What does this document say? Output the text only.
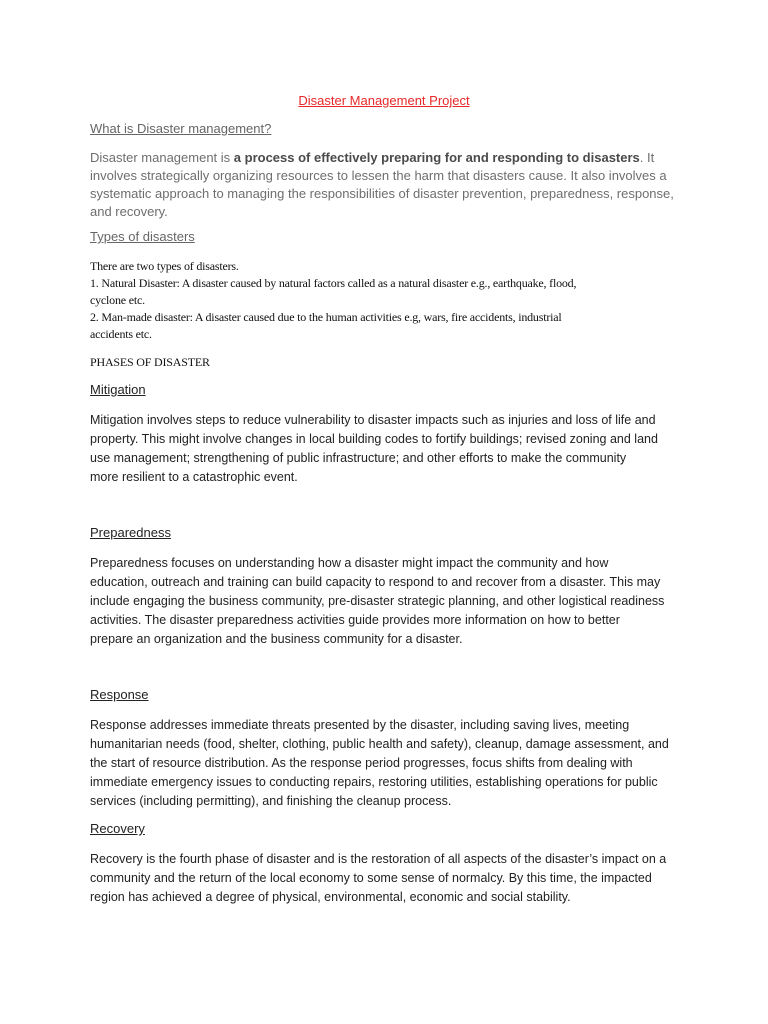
Disaster Management Project
What is Disaster management?

Disaster management is a process of effectively preparing for and responding to disasters. It involves strategically organizing resources to lessen the harm that disasters cause. It also involves a systematic approach to managing the responsibilities of disaster prevention, preparedness, response, and recovery.

Types of disasters
There are two types of disasters.
1. Natural Disaster: A disaster caused by natural factors called as a natural disaster e.g., earthquake, flood,
cyclone etc.
2. Man-made disaster: A disaster caused due to the human activities e.g, wars, fire accidents, industrial
accidents etc.
PHASES OF DISASTER
Mitigation
Mitigation involves steps to reduce vulnerability to disaster impacts such as injuries and loss of life and
property. This might involve changes in local building codes to fortify buildings; revised zoning and land
use management; strengthening of public infrastructure; and other efforts to make the community
more resilient to a catastrophic event.
Preparedness
Preparedness focuses on understanding how a disaster might impact the community and how
education, outreach and training can build capacity to respond to and recover from a disaster. This may
include engaging the business community, pre-disaster strategic planning, and other logistical readiness
activities. The disaster preparedness activities guide provides more information on how to better
prepare an organization and the business community for a disaster.
Response
Response addresses immediate threats presented by the disaster, including saving lives, meeting
humanitarian needs (food, shelter, clothing, public health and safety), cleanup, damage assessment, and
the start of resource distribution. As the response period progresses, focus shifts from dealing with
immediate emergency issues to conducting repairs, restoring utilities, establishing operations for public
services (including permitting), and finishing the cleanup process.
Recovery
Recovery is the fourth phase of disaster and is the restoration of all aspects of the disaster’s impact on a
community and the return of the local economy to some sense of normalcy. By this time, the impacted
region has achieved a degree of physical, environmental, economic and social stability.
